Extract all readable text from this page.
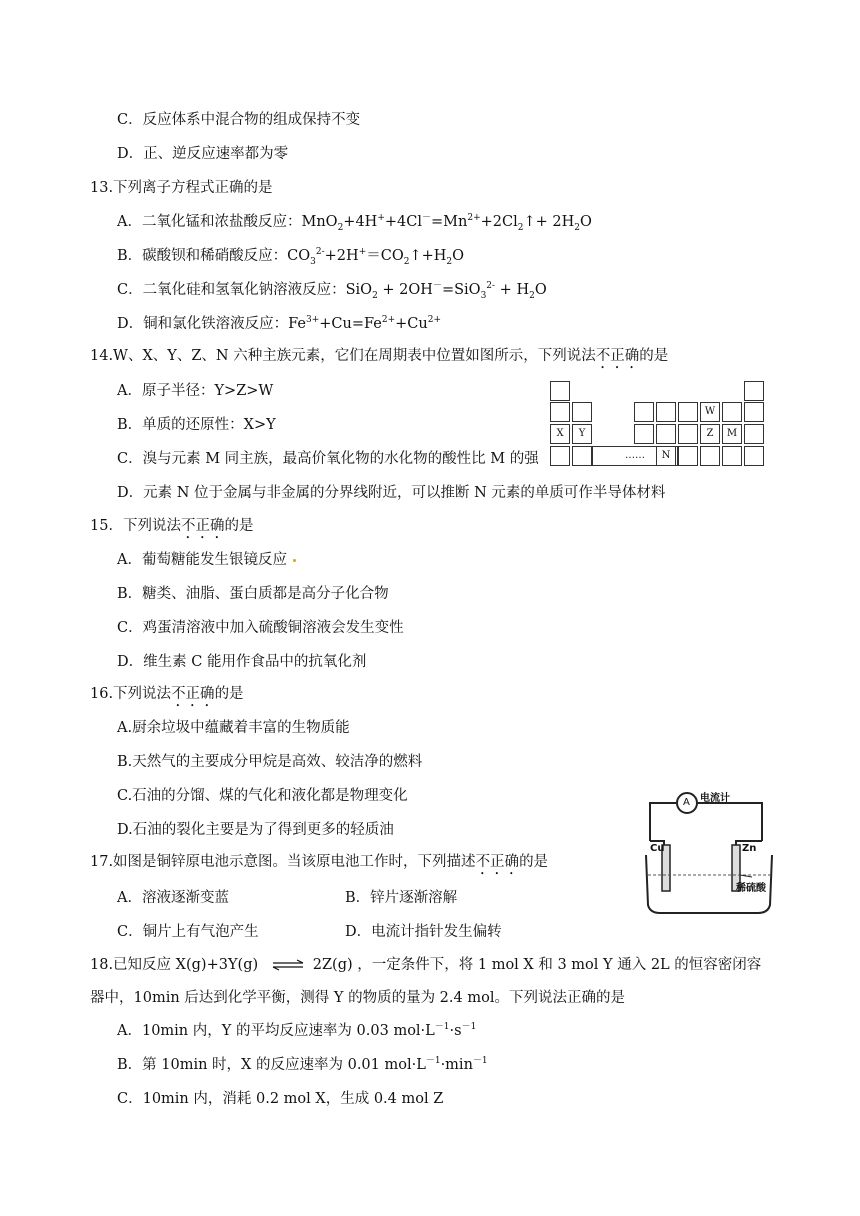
C．反应体系中混合物的组成保持不变
D．正、逆反应速率都为零
13.下列离子方程式正确的是
A．二氧化锰和浓盐酸反应：$MnO_2+4H^++4Cl^-=Mn^{2+}+2Cl_2↑+ 2H_2O$
B．碳酸钡和稀硝酸反应：$CO_3^{2-}+2H^+=CO_2↑+H_2O$
C．二氧化硅和氢氧化钠溶液反应：$SiO_2 + 2OH^-=SiO_3^{2-} + H_2O$
D．铜和氯化铁溶液反应：$Fe^{3+}+Cu=Fe^{2+}+Cu^{2+}$
14.W、X、Y、Z、N 六种主族元素，它们在周期表中位置如图所示，下列说法不正确的是
A．原子半径：Y>Z>W
B．单质的还原性：X>Y
C．溴与元素 M 同主族，最高价氧化物的水化物的酸性比 M 的强
D．元素 N 位于金属与非金属的分界线附近，可以推断 N 元素的单质可作半导体材料
W
X	Y	Z	M
……	N
15．下列说法不正确的是
A．葡萄糖能发生银镜反应
B．糖类、油脂、蛋白质都是高分子化合物
C．鸡蛋清溶液中加入硫酸铜溶液会发生变性
D．维生素 C 能用作食品中的抗氧化剂
16.下列说法不正确的是
A.厨余垃圾中蕴藏着丰富的生物质能
B.天然气的主要成分甲烷是高效、较洁净的燃料
C.石油的分馏、煤的气化和液化都是物理变化
D.石油的裂化主要是为了得到更多的轻质油
17.如图是铜锌原电池示意图。当该原电池工作时，下列描述不正确的是
A．溶液逐渐变蓝	B．锌片逐渐溶解
C．铜片上有气泡产生	D．电流计指针发生偏转
电流计
A
Cu	Zn
稀硫酸
18.已知反应 X(g)+3Y(g) ⇌ 2Z(g) ，一定条件下，将 1 mol X 和 3 mol Y 通入 2L 的恒容密闭容
器中，10min 后达到化学平衡，测得 Y 的物质的量为 2.4 mol。下列说法正确的是
A．10min 内，Y 的平均反应速率为 0.03 $mol\cdot L^{-1}\cdot s^{-1}$
B．第 10min 时，X 的反应速率为 0.01 $mol\cdot L^{-1}\cdot\min^{-1}$
C．10min 内，消耗 0.2 mol X，生成 0.4 mol Z
